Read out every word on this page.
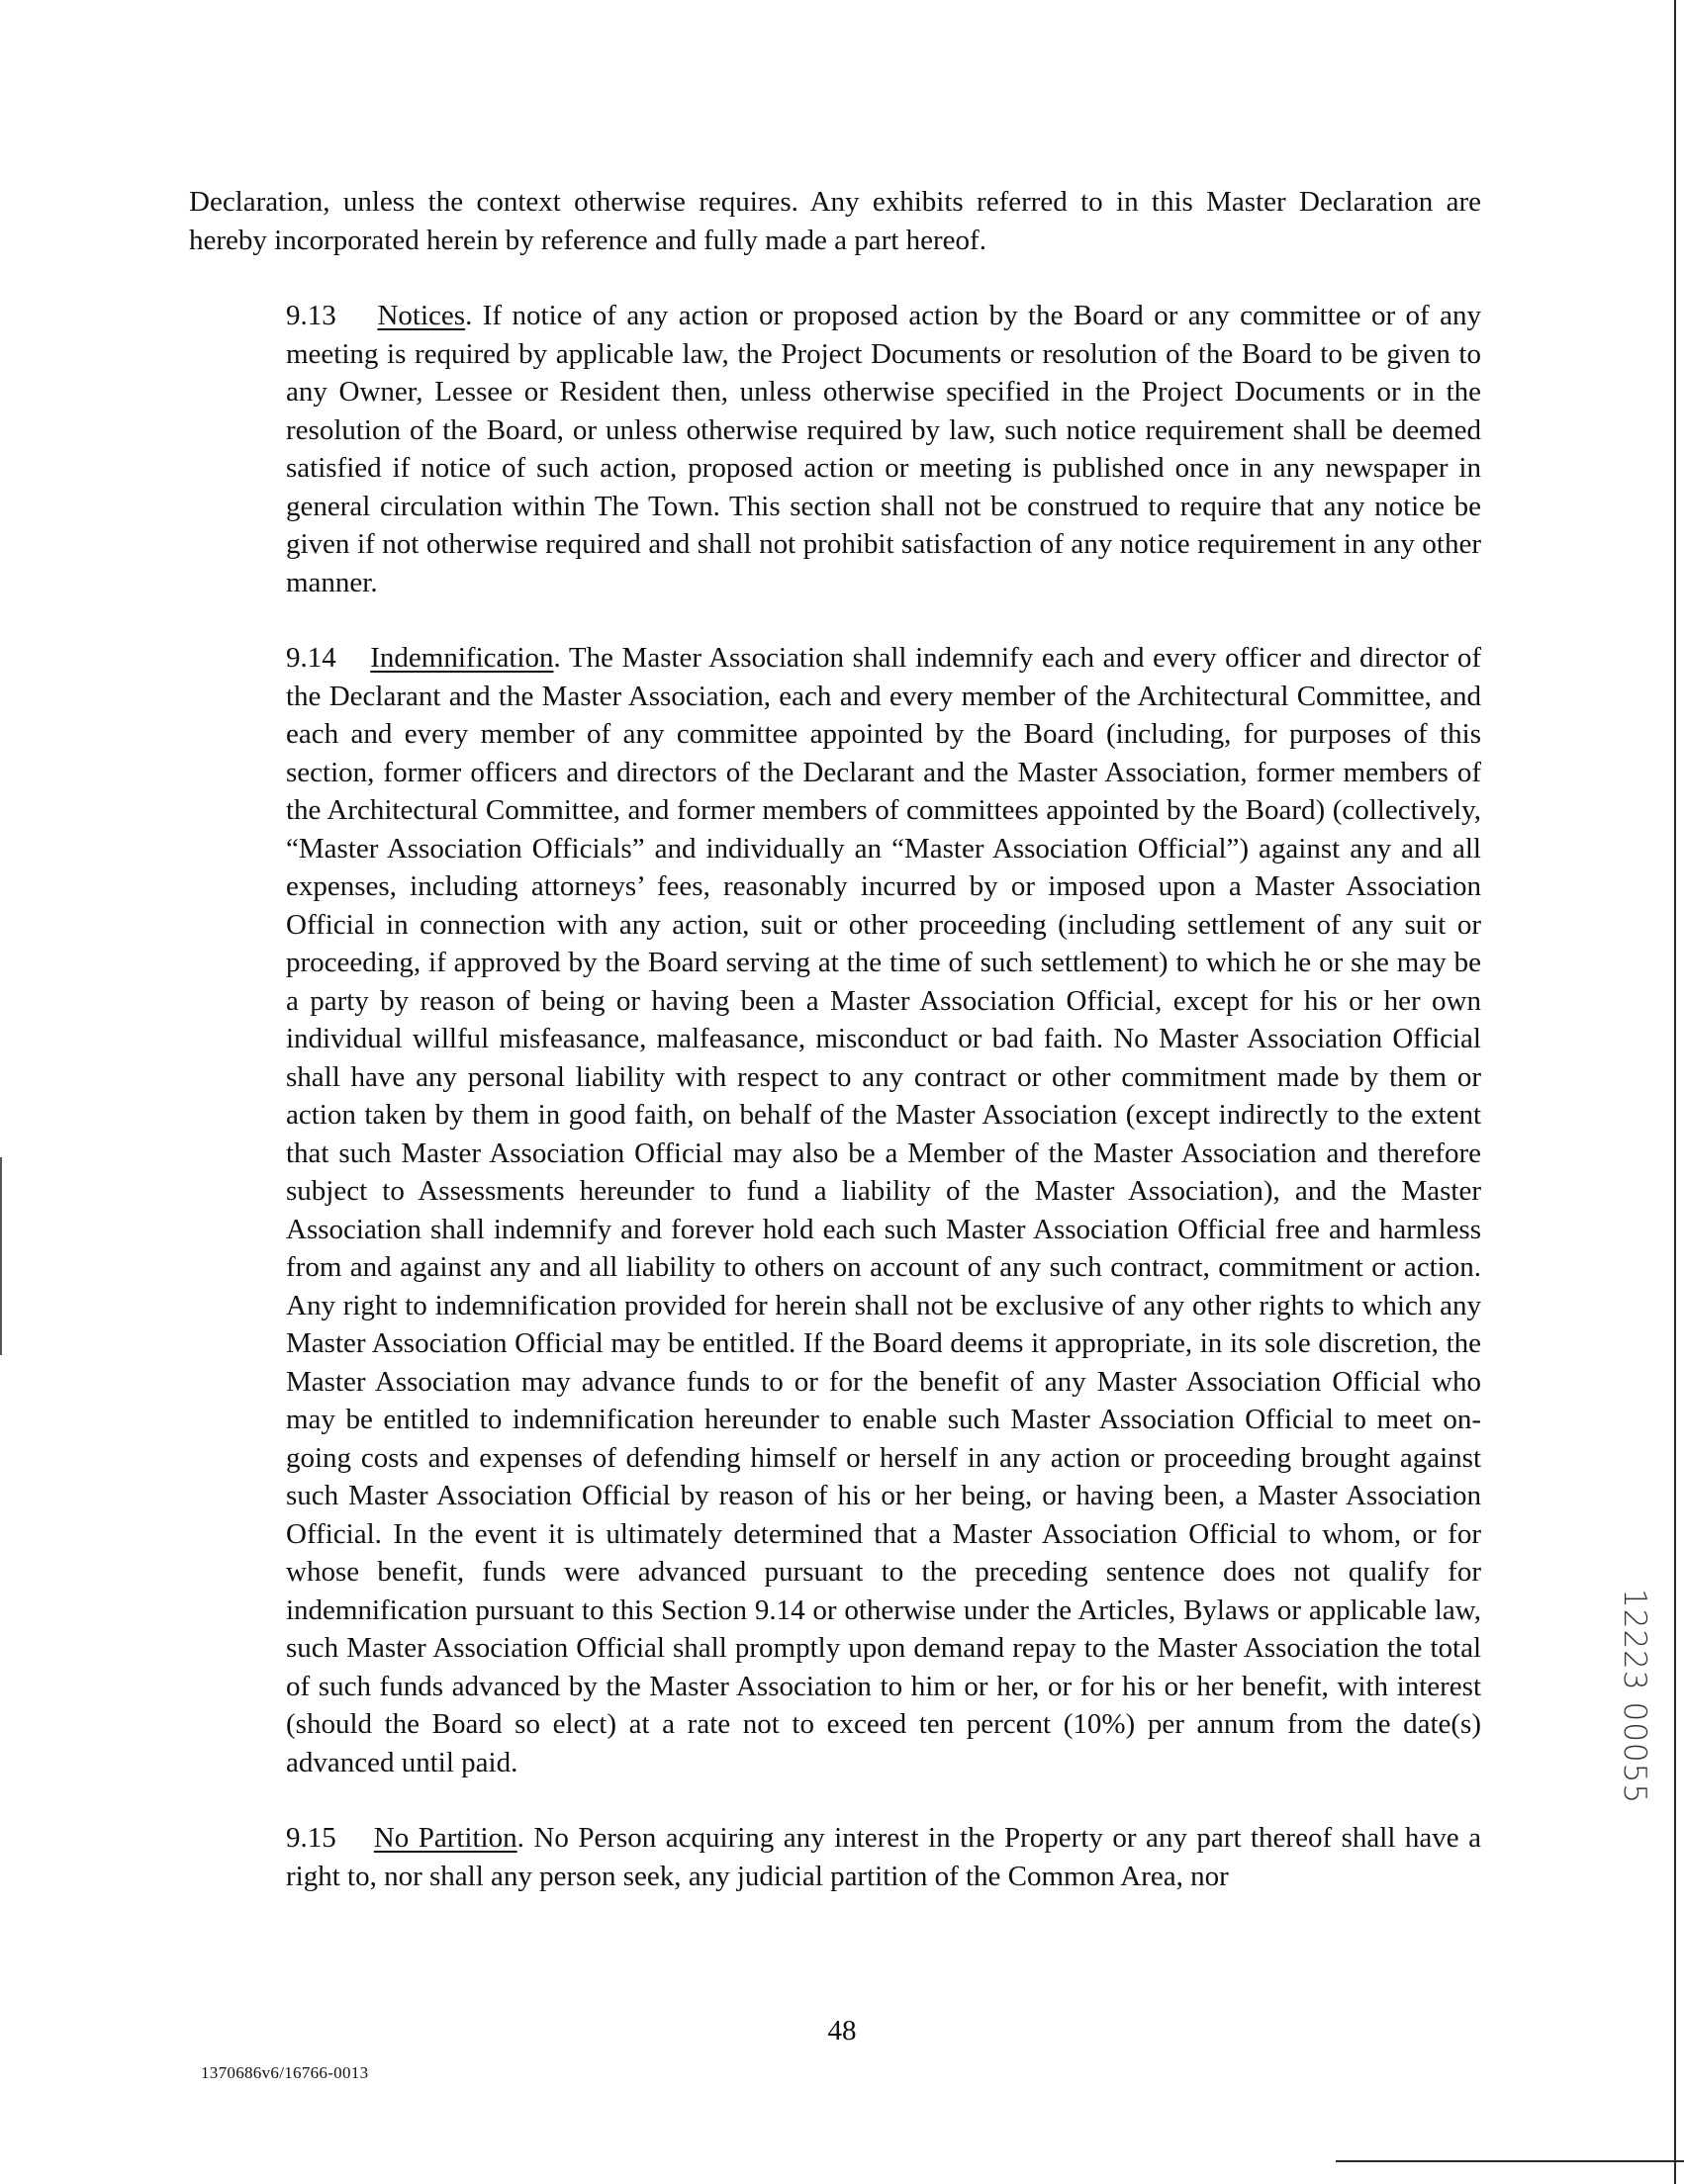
Declaration, unless the context otherwise requires. Any exhibits referred to in this Master Declaration are hereby incorporated herein by reference and fully made a part hereof.

9.13 Notices. If notice of any action or proposed action by the Board or any committee or of any meeting is required by applicable law, the Project Documents or resolution of the Board to be given to any Owner, Lessee or Resident then, unless otherwise specified in the Project Documents or in the resolution of the Board, or unless otherwise required by law, such notice requirement shall be deemed satisfied if notice of such action, proposed action or meeting is published once in any newspaper in general circulation within The Town. This section shall not be construed to require that any notice be given if not otherwise required and shall not prohibit satisfaction of any notice requirement in any other manner.

9.14 Indemnification. The Master Association shall indemnify each and every officer and director of the Declarant and the Master Association, each and every member of the Architectural Committee, and each and every member of any committee appointed by the Board (including, for purposes of this section, former officers and directors of the Declarant and the Master Association, former members of the Architectural Committee, and former members of committees appointed by the Board) (collectively, “Master Association Officials” and individually an “Master Association Official”) against any and all expenses, including attorneys’ fees, reasonably incurred by or imposed upon a Master Association Official in connection with any action, suit or other proceeding (including settlement of any suit or proceeding, if approved by the Board serving at the time of such settlement) to which he or she may be a party by reason of being or having been a Master Association Official, except for his or her own individual willful misfeasance, malfeasance, misconduct or bad faith. No Master Association Official shall have any personal liability with respect to any contract or other commitment made by them or action taken by them in good faith, on behalf of the Master Association (except indirectly to the extent that such Master Association Official may also be a Member of the Master Association and therefore subject to Assessments hereunder to fund a liability of the Master Association), and the Master Association shall indemnify and forever hold each such Master Association Official free and harmless from and against any and all liability to others on account of any such contract, commitment or action. Any right to indemnification provided for herein shall not be exclusive of any other rights to which any Master Association Official may be entitled. If the Board deems it appropriate, in its sole discretion, the Master Association may advance funds to or for the benefit of any Master Association Official who may be entitled to indemnification hereunder to enable such Master Association Official to meet on-going costs and expenses of defending himself or herself in any action or proceeding brought against such Master Association Official by reason of his or her being, or having been, a Master Association Official. In the event it is ultimately determined that a Master Association Official to whom, or for whose benefit, funds were advanced pursuant to the preceding sentence does not qualify for indemnification pursuant to this Section 9.14 or otherwise under the Articles, Bylaws or applicable law, such Master Association Official shall promptly upon demand repay to the Master Association the total of such funds advanced by the Master Association to him or her, or for his or her benefit, with interest (should the Board so elect) at a rate not to exceed ten percent (10%) per annum from the date(s) advanced until paid.

9.15 No Partition. No Person acquiring any interest in the Property or any part thereof shall have a right to, nor shall any person seek, any judicial partition of the Common Area, nor

48
1370686v6/16766-0013
12223 00055
